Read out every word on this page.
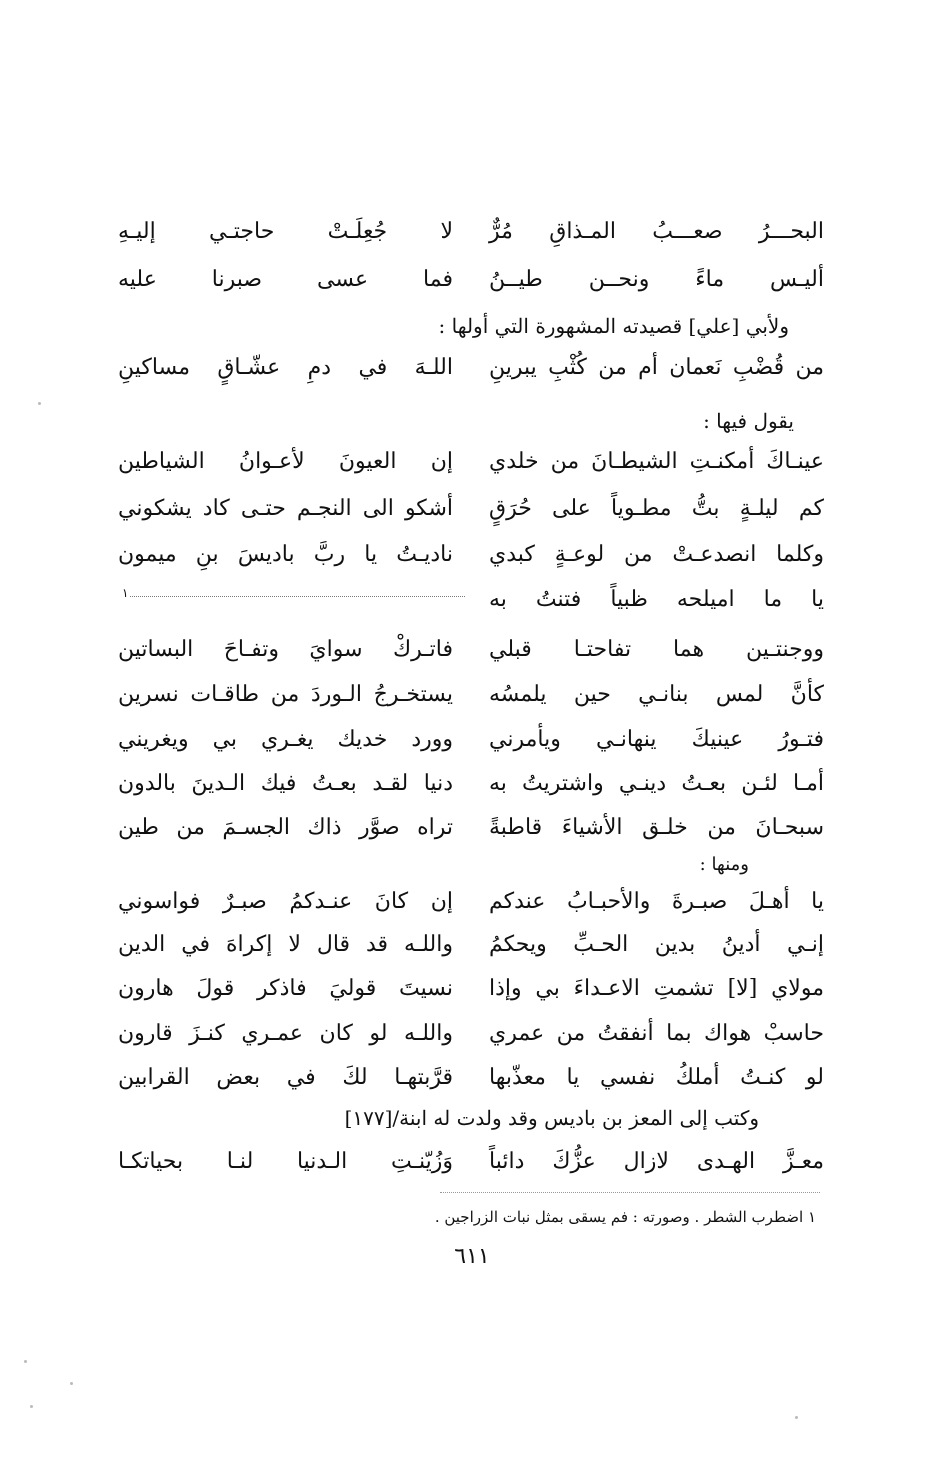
البحـــرُ صعـــبُ المـذاقِ مُرٌّ
لا جُعِلَـتْ حاجتـي إليـهِ
أليـس ماءً ونحــن طيــنُ
فما عسى صبرنا عليه
ولأبي [علي] قصيدته المشهورة التي أولها :
من قُضْبِ نَعمان أم من كُثْبِ يبرينِ
اللـهَ في دمِ عشّـاقٍ مساكينِ
يقول فيها :
عينـاكَ أمكنـتِ الشيطـانَ من خلدي
إن العيونَ لأعـوانُ الشياطين
كم ليلـةٍ بتُّ مطـوياً على حُرَقٍ
أشكو الى النجـم حتـى كاد يشكوني
وكلما انصدعـتْ من لوعـةٍ كبدي
ناديـتُ يا ربَّ باديسَ بنِ ميمون
يا ما اميلحه ظبياً فتنتُ به
١
ووجنتـين هما تفاحتـا قبلي
فاتـركْ سوايَ وتفـاحَ البساتين
كأنَّ لمس بنانـي حين يلمسُه
يستخـرجُ الـوردَ من طاقـات نسرين
فتـورُ عينيكَ ينهانـي ويأمرني
وورد خديك يغـري بي ويغريني
أمـا لئـن بعـتُ دينـي واشتريتُ به
دنيا لقـد بعـتُ فيك الـدينَ بالدون
سبحـانَ من خلـق الأشياءَ قاطبةً
تراه صوَّر ذاك الجسـمَ من طين
ومنها :
يا أهـلَ صبـرةَ والأحبـابُ عندكم
إن كانَ عنـدكمُ صبـرٌ فواسوني
إنـي أدينُ بدين الحـبِّ ويحكمُ
واللـه قد قال لا إكراهَ في الدين
مولاي [لا] تشمتِ الاعـداءَ بي وإذا
نسيتَ قوليَ فاذكر قولَ هارون
حاسبْ هواك بما أنفقتُ من عمري
واللـه لو كان عمـري كنـزَ قارون
لو كنـتُ أملكُ نفسي يا معذّبها
قرَّبتهـا لكَ في بعض القرابين
وكتب إلى المعز بن باديس وقد ولدت له ابنة/[١٧٧]
معـزَّ الهـدى لازال عزُّكَ دائباً
وَزُيّنـتِ الـدنيا لنـا بحياتكـا
١ اضطرب الشطر . وصورته : فم يسقى بمثل نبات الزراجين .
٦١١
